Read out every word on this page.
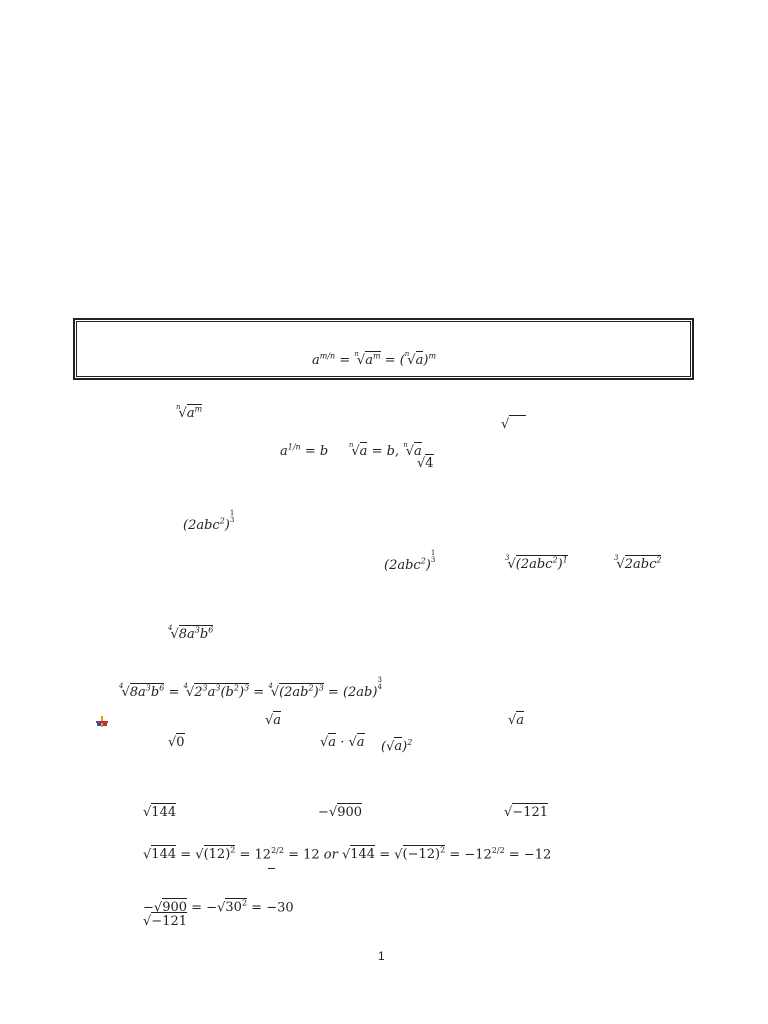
$a^{m/n} = ^n√a^m = (^n√a)^m$
$^n√a^m$
√
$a^{1/n} = b$	$^n$√a = b, $^n$√a
√4
(2abc$^2$)
1
3
(2abc$^2$)
1
3	$^3√(2abc^2)^1$	$^3$√2abc$^2$
$^4√8a^3b^6$
$^4√8a^3b^6 = ^4√2^3a^3(b^2)^3 = ^4√(2ab^2)^3 = (2ab)$
3
4
√a	√a
√0	√a · √a $(√a)^2$
√144	−√900	√−121
$√144 = √(12)^2 = 12^{2/2} = 12$ or $√144 = √(-12)^2 = -12^{2/2} = -12$
$-√900 = -√30^2 = -30$
√−121
1
